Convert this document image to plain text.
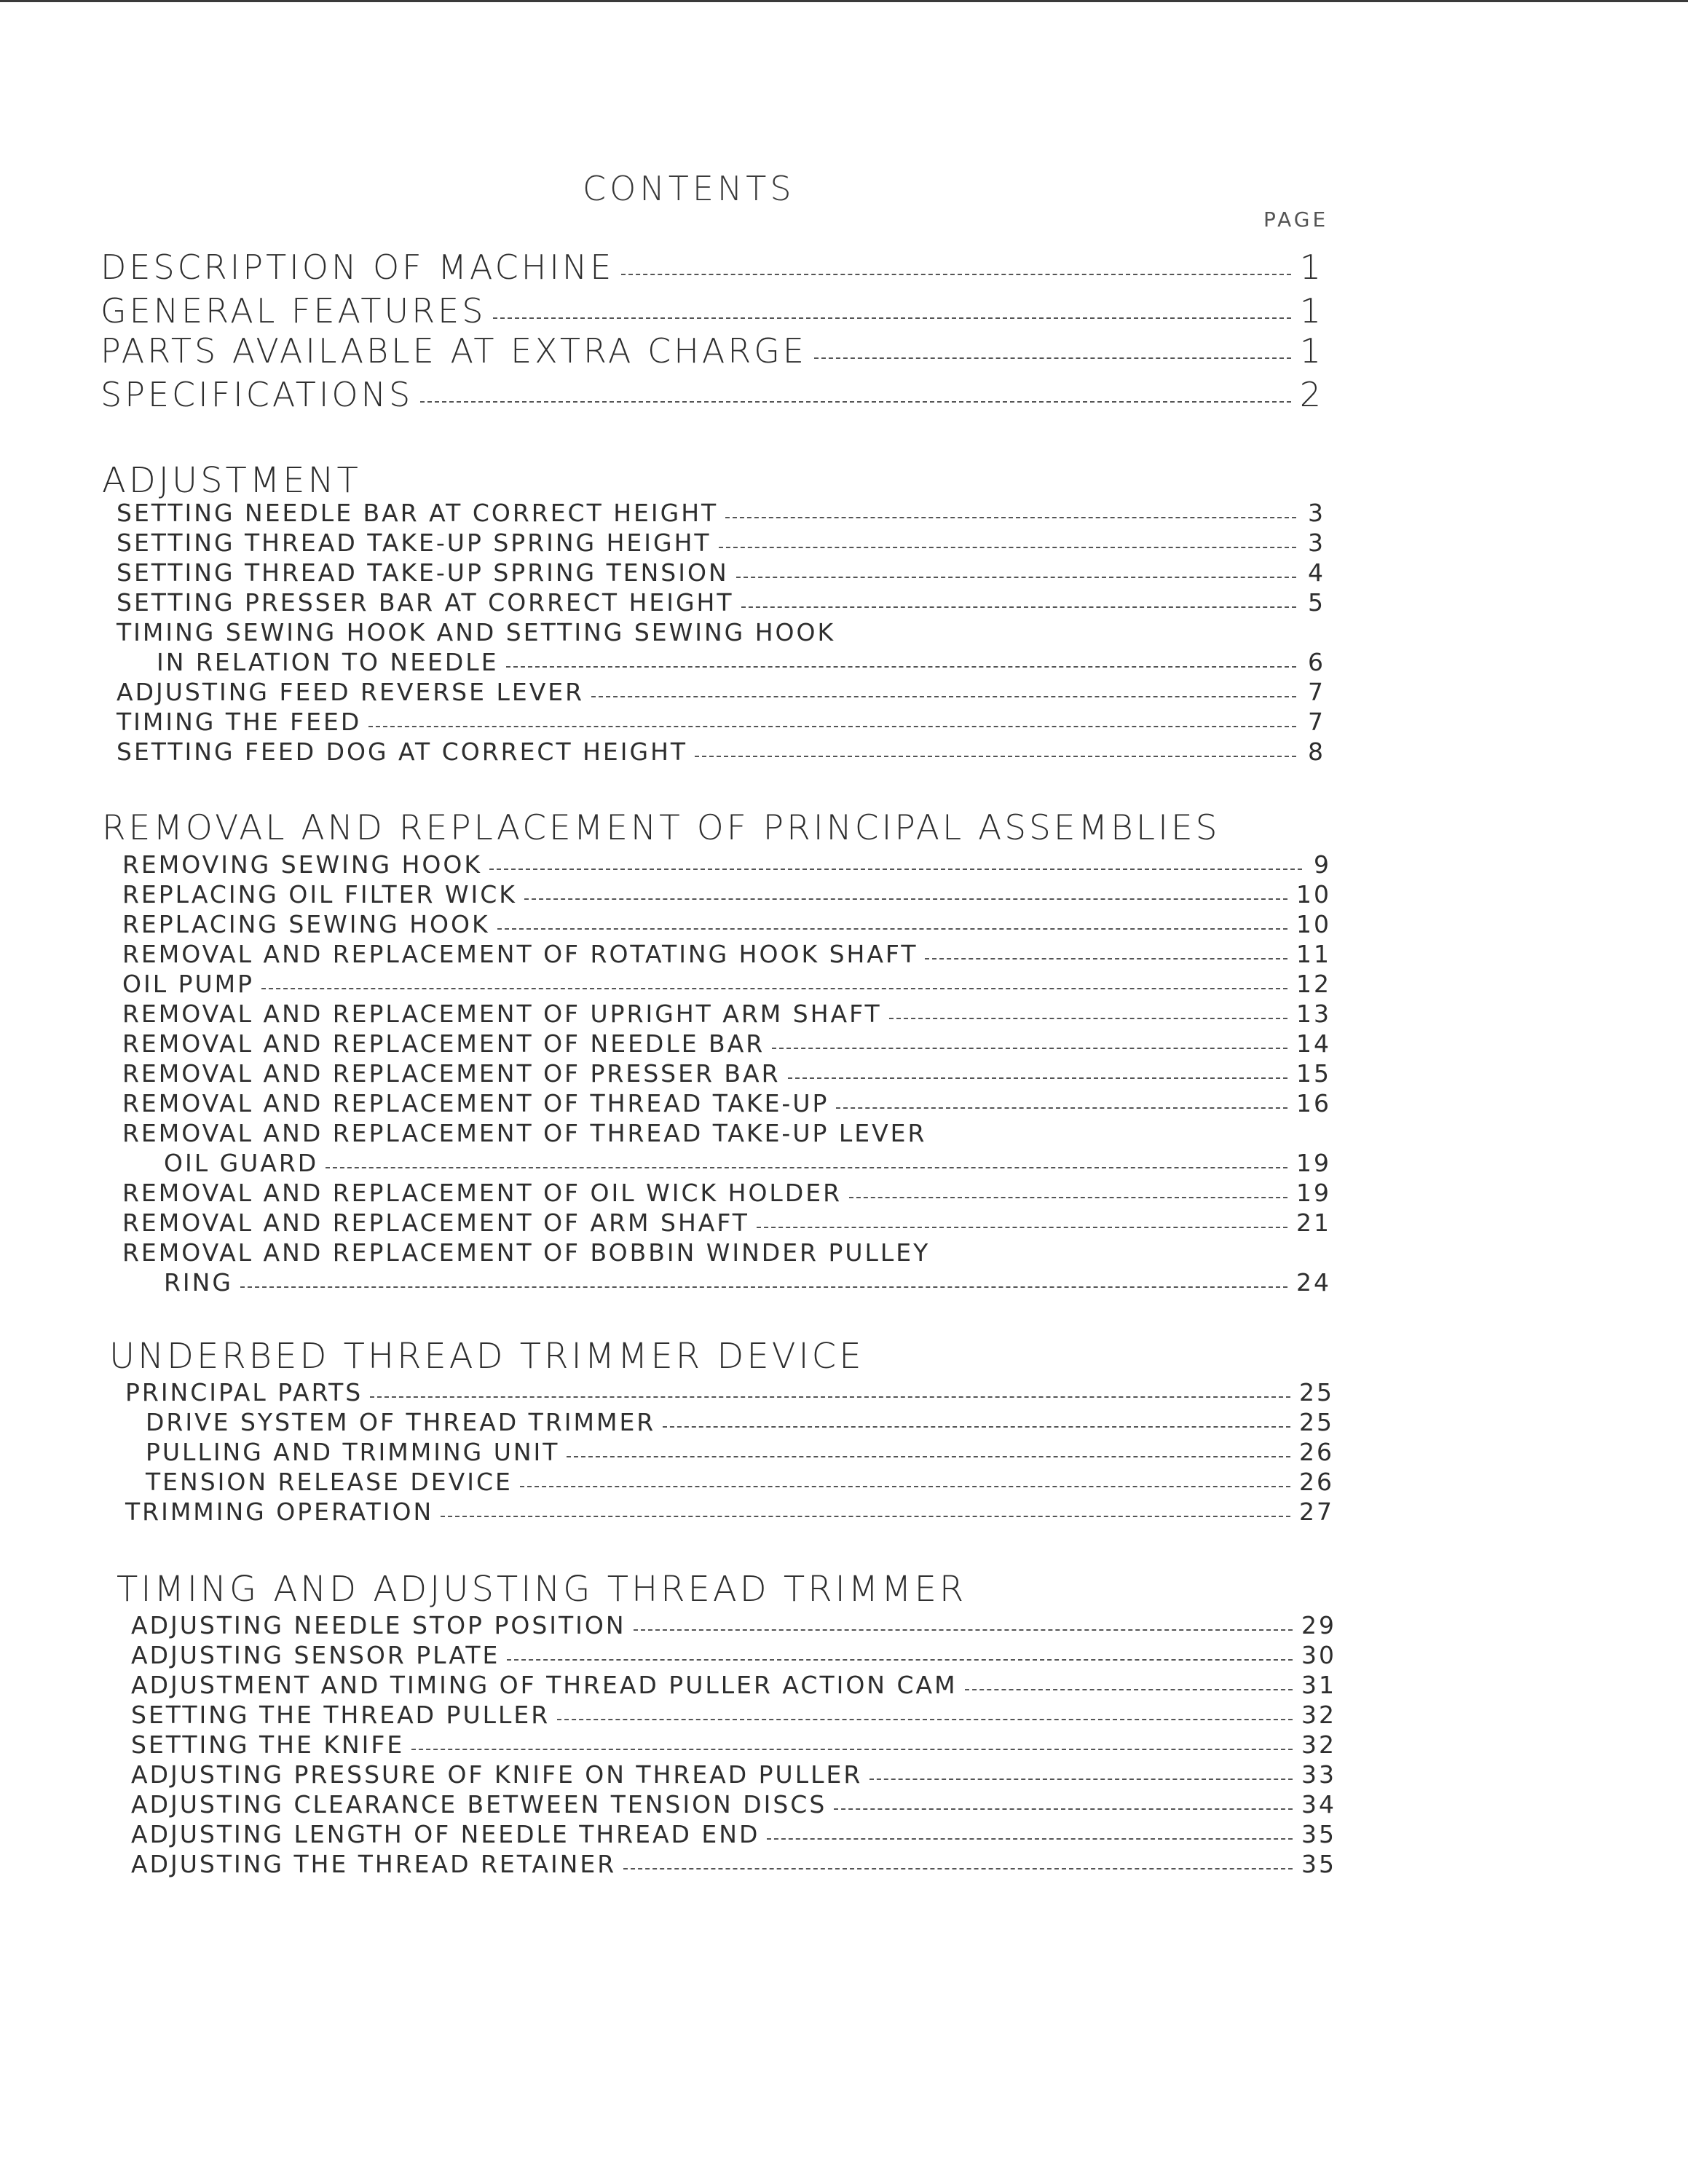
CONTENTS
PAGE
DESCRIPTION OF MACHINE	1
GENERAL FEATURES	1
PARTS AVAILABLE AT EXTRA CHARGE	1
SPECIFICATIONS	2
ADJUSTMENT
SETTING NEEDLE BAR AT CORRECT HEIGHT	3
SETTING THREAD TAKE-UP SPRING HEIGHT	3
SETTING THREAD TAKE-UP SPRING TENSION	4
SETTING PRESSER BAR AT CORRECT HEIGHT	5
TIMING SEWING HOOK AND SETTING SEWING HOOK
IN RELATION TO NEEDLE	6
ADJUSTING FEED REVERSE LEVER	7
TIMING THE FEED	7
SETTING FEED DOG AT CORRECT HEIGHT	8
REMOVAL AND REPLACEMENT OF PRINCIPAL ASSEMBLIES
REMOVING SEWING HOOK	9
REPLACING OIL FILTER WICK	10
REPLACING SEWING HOOK	10
REMOVAL AND REPLACEMENT OF ROTATING HOOK SHAFT	11
OIL PUMP	12
REMOVAL AND REPLACEMENT OF UPRIGHT ARM SHAFT	13
REMOVAL AND REPLACEMENT OF NEEDLE BAR	14
REMOVAL AND REPLACEMENT OF PRESSER BAR	15
REMOVAL AND REPLACEMENT OF THREAD TAKE-UP	16
REMOVAL AND REPLACEMENT OF THREAD TAKE-UP LEVER
OIL GUARD	19
REMOVAL AND REPLACEMENT OF OIL WICK HOLDER	19
REMOVAL AND REPLACEMENT OF ARM SHAFT	21
REMOVAL AND REPLACEMENT OF BOBBIN WINDER PULLEY
RING	24
UNDERBED THREAD TRIMMER DEVICE
PRINCIPAL PARTS	25
DRIVE SYSTEM OF THREAD TRIMMER	25
PULLING AND TRIMMING UNIT	26
TENSION RELEASE DEVICE	26
TRIMMING OPERATION	27
TIMING AND ADJUSTING THREAD TRIMMER
ADJUSTING NEEDLE STOP POSITION	29
ADJUSTING SENSOR PLATE	30
ADJUSTMENT AND TIMING OF THREAD PULLER ACTION CAM	31
SETTING THE THREAD PULLER	32
SETTING THE KNIFE	32
ADJUSTING PRESSURE OF KNIFE ON THREAD PULLER	33
ADJUSTING CLEARANCE BETWEEN TENSION DISCS	34
ADJUSTING LENGTH OF NEEDLE THREAD END	35
ADJUSTING THE THREAD RETAINER	35
